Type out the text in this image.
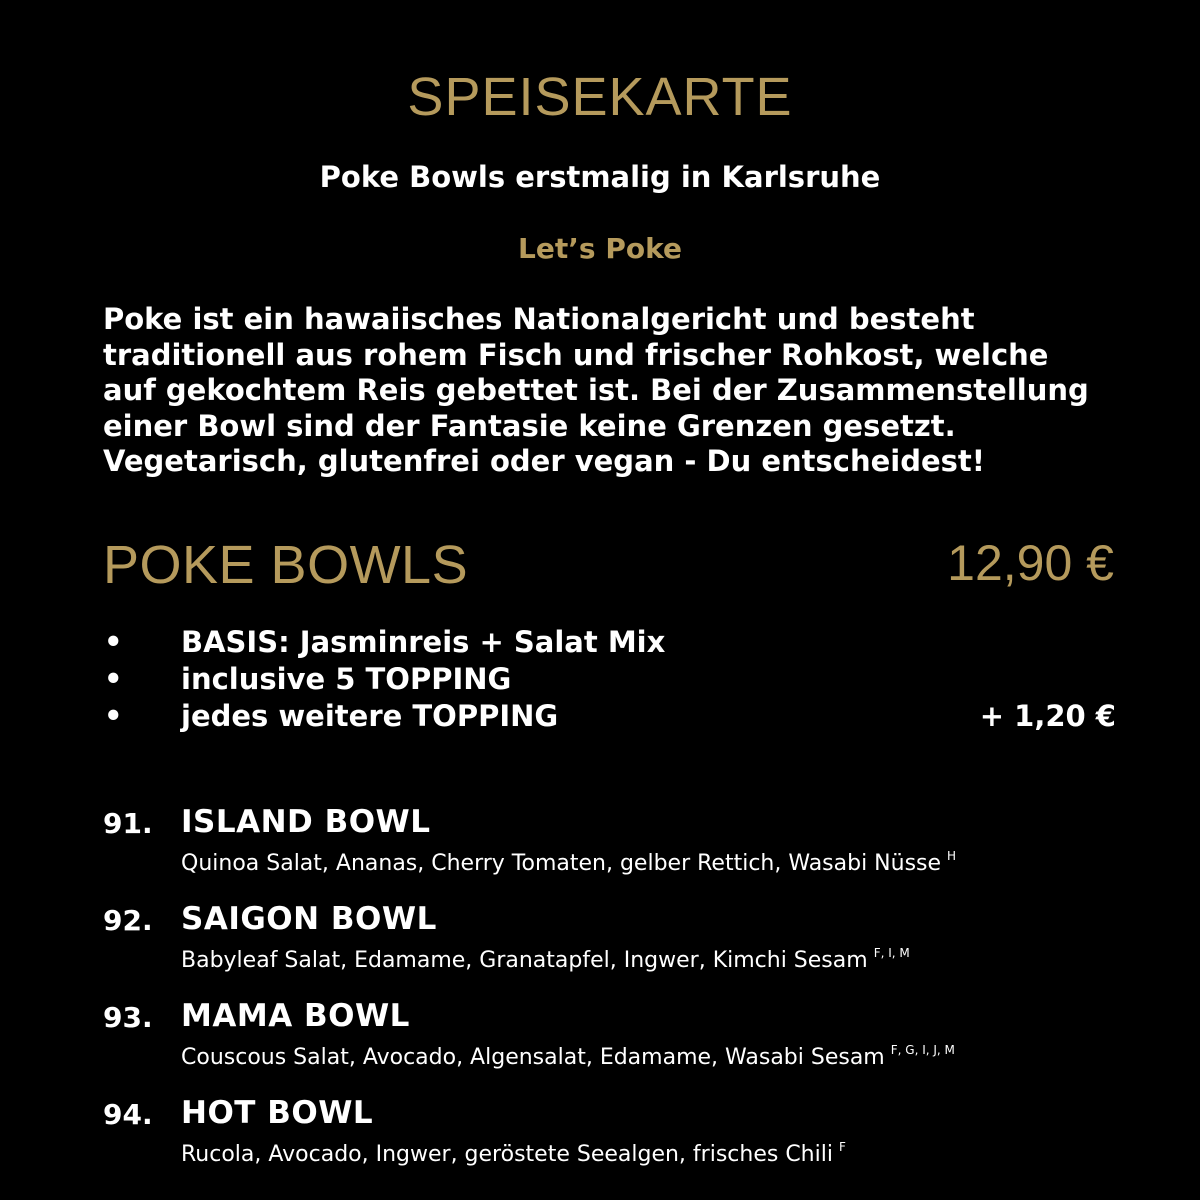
SPEISEKARTE
Poke Bowls erstmalig in Karlsruhe
Let’s Poke
Poke ist ein hawaiisches Nationalgericht und besteht traditionell aus rohem Fisch und frischer Rohkost, welche auf gekochtem Reis gebettet ist. Bei der Zusammenstellung einer Bowl sind der Fantasie keine Grenzen gesetzt. Vegetarisch, glutenfrei oder vegan - Du entscheidest!
POKE BOWLS	12,90 €
• BASIS: Jasminreis + Salat Mix
• inclusive 5 TOPPING
• jedes weitere TOPPING	+ 1,20 €
91. ISLAND BOWL
Quinoa Salat, Ananas, Cherry Tomaten, gelber Rettich, Wasabi Nüsse $^H$
92. SAIGON BOWL
Babyleaf Salat, Edamame, Granatapfel, Ingwer, Kimchi Sesam $^{F, I, M}$
93. MAMA BOWL
Couscous Salat, Avocado, Algensalat, Edamame, Wasabi Sesam $^{F, G, I, J, M}$
94. HOT BOWL
Rucola, Avocado, Ingwer, geröstete Seealgen, frisches Chili $^F$
